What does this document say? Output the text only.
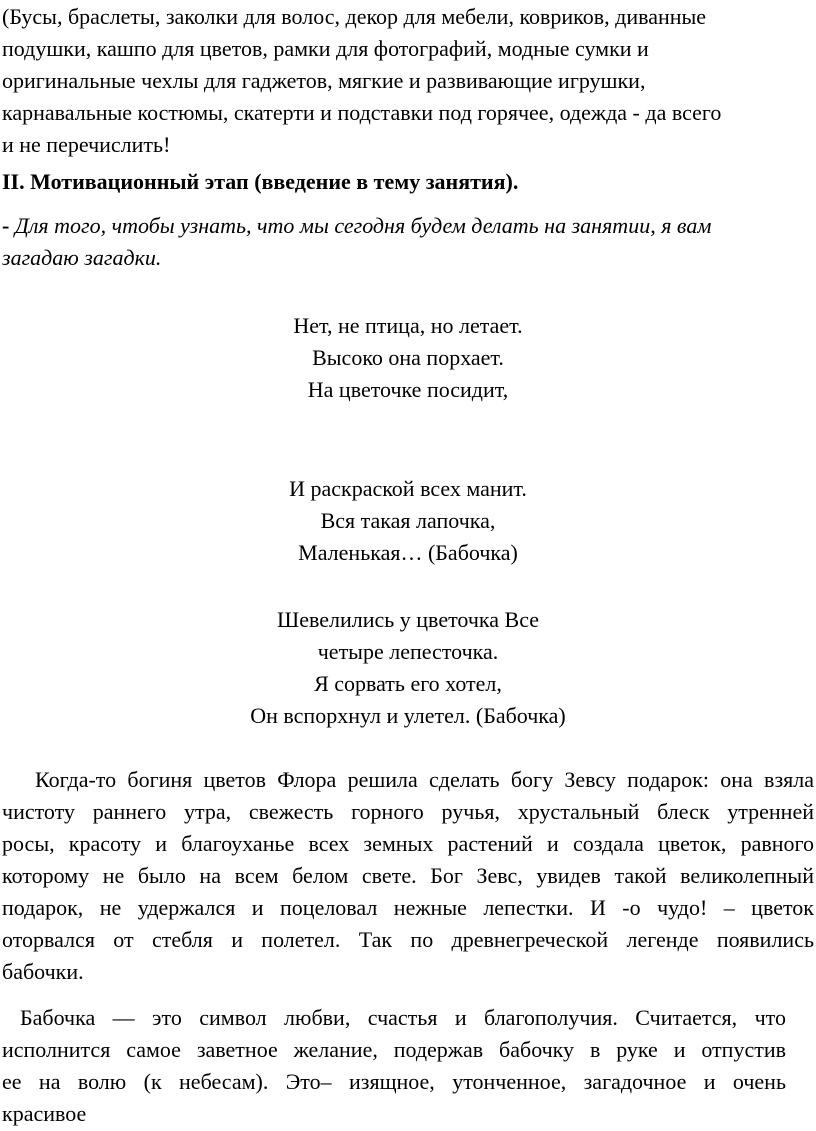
(Бусы, браслеты, заколки для волос, декор для мебели, ковриков, диванные
подушки, кашпо для цветов, рамки для фотографий, модные сумки и
оригинальные чехлы для гаджетов, мягкие и развивающие игрушки,
карнавальные костюмы, скатерти и подставки под горячее, одежда - да всего
и не перечислить!

II. Мотивационный этап (введение в тему занятия).

- Для того, чтобы узнать, что мы сегодня будем делать на занятии, я вам
загадаю загадки.

Нет, не птица, но летает.
Высоко она порхает.
На цветочке посидит,
И раскраской всех манит.
Вся такая лапочка,
Маленькая… (Бабочка)
Шевелились у цветочка Все
четыре лепесточка.
Я сорвать его хотел,
Он вспорхнул и улетел. (Бабочка)
Когда-то богиня цветов Флора решила сделать богу Зевсу подарок: она взяла
чистоту раннего утра, свежесть горного ручья, хрустальный блеск утренней
росы, красоту и благоуханье всех земных растений и создала цветок, равного
которому не было на всем белом свете. Бог Зевс, увидев такой великолепный
подарок, не удержался и поцеловал нежные лепестки. И -о чудо! – цветок
оторвался от стебля и полетел. Так по древнегреческой легенде появились
бабочки.
Бабочка — это символ любви, счастья и благополучия. Считается, что
исполнится самое заветное желание, подержав бабочку в руке и отпустив
ее на волю (к небесам). Это– изящное, утонченное, загадочное и очень
красивое
